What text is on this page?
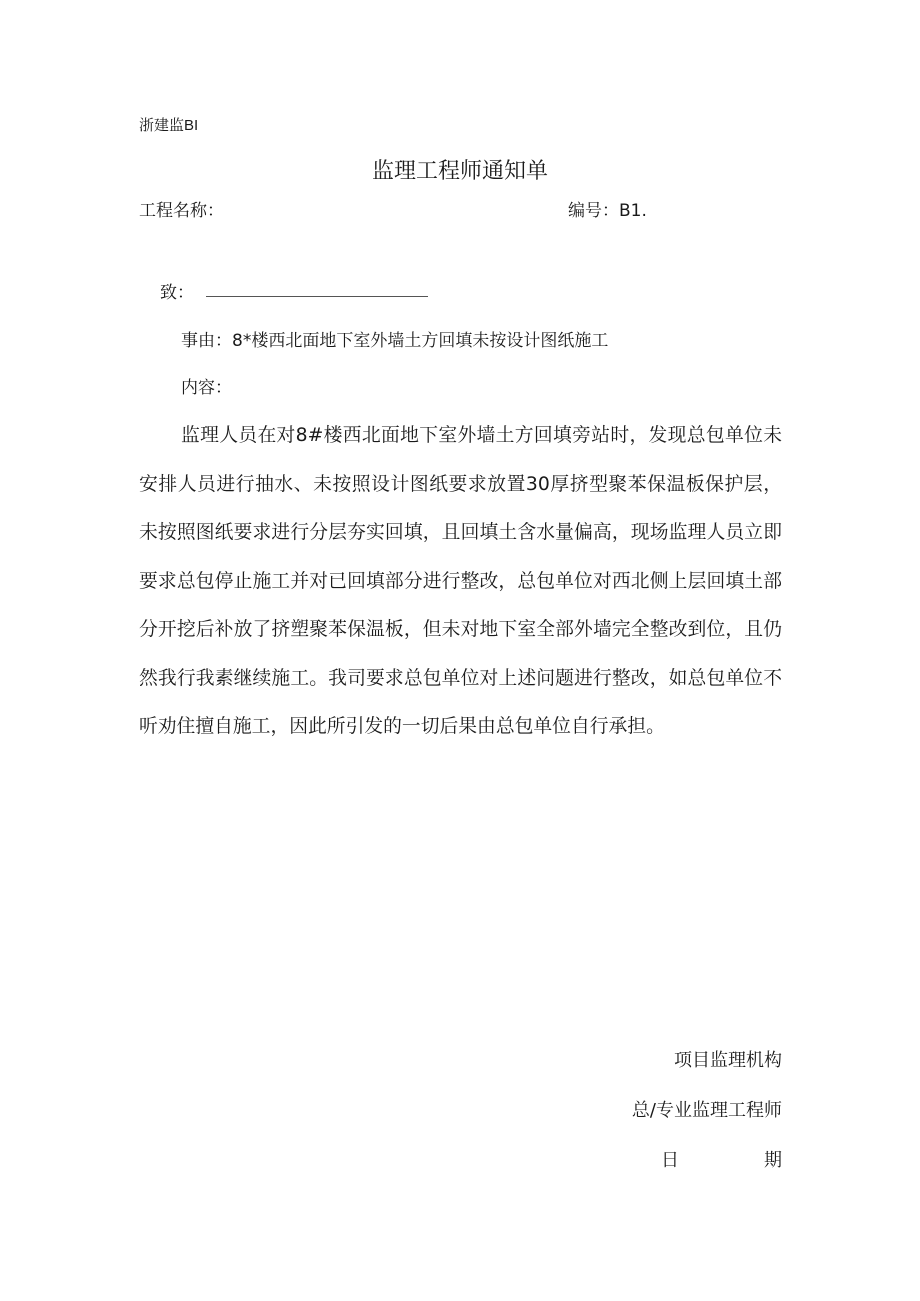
浙建监BI
监理工程师通知单
工程名称：	编号：B1.
致：
事由：8*楼西北面地下室外墙土方回填未按设计图纸施工
内容：

监理人员在对8#楼西北面地下室外墙土方回填旁站时，发现总包单位未安排人员进行抽水、未按照设计图纸要求放置30厚挤型聚苯保温板保护层，未按照图纸要求进行分层夯实回填，且回填土含水量偏高，现场监理人员立即要求总包停止施工并对已回填部分进行整改，总包单位对西北侧上层回填土部分开挖后补放了挤塑聚苯保温板，但未对地下室全部外墙完全整改到位，且仍然我行我素继续施工。我司要求总包单位对上述问题进行整改，如总包单位不听劝住擅自施工，因此所引发的一切后果由总包单位自行承担。

项目监理机构
总/专业监理工程师
日期
